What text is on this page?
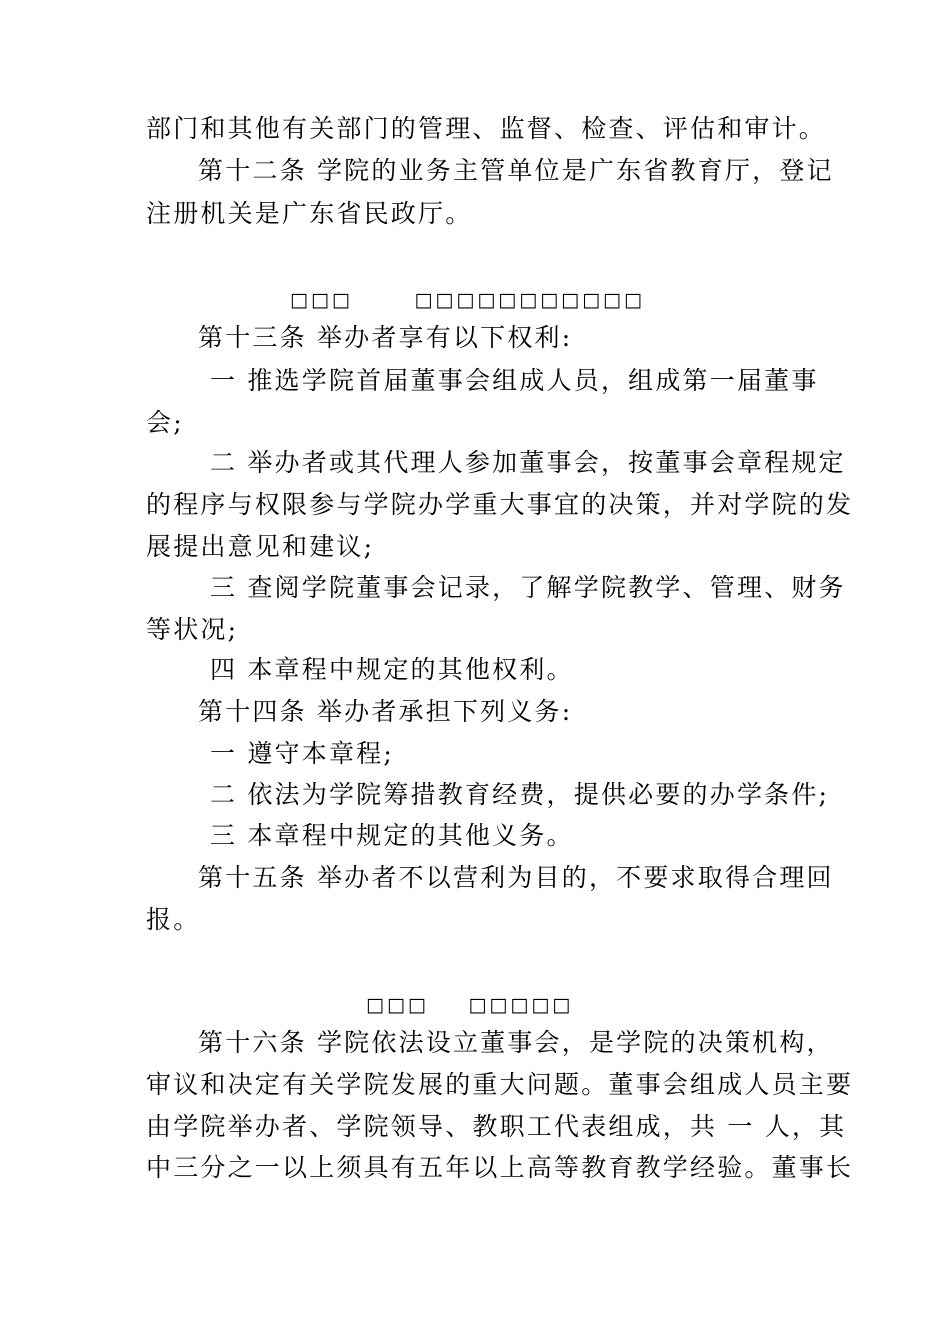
部门和其他有关部门的管理、监督、检查、评估和审计。
第十二条 学院的业务主管单位是广东省教育厅，登记
注册机关是广东省民政厅。
□□□	□□□□□□□□□□□
第十三条 举办者享有以下权利:
一 推选学院首届董事会组成人员，组成第一届董事
会;
二 举办者或其代理人参加董事会，按董事会章程规定
的程序与权限参与学院办学重大事宜的决策，并对学院的发
展提出意见和建议;
三 查阅学院董事会记录，了解学院教学、管理、财务
等状况;
四 本章程中规定的其他权利。
第十四条 举办者承担下列义务:
一 遵守本章程;
二 依法为学院筹措教育经费，提供必要的办学条件;
三 本章程中规定的其他义务。
第十五条 举办者不以营利为目的，不要求取得合理回
报。
□□□ □□□□□
第十六条 学院依法设立董事会，是学院的决策机构，
审议和决定有关学院发展的重大问题。董事会组成人员主要
由学院举办者、学院领导、教职工代表组成，共 一 人，其
中三分之一以上须具有五年以上高等教育教学经验。董事长
